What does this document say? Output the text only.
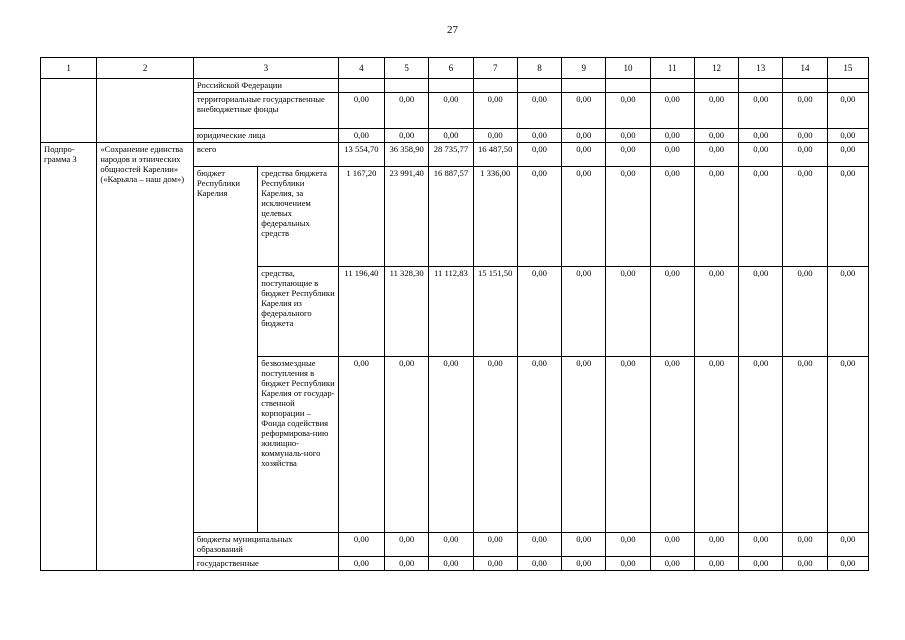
27
1	2	3		4	5	6	7	8	9	10	11	12	13	14	15
		Российской Федерации													
		территориальные государственные внебюджетные фонды		0,00	0,00	0,00	0,00	0,00	0,00	0,00	0,00	0,00	0,00	0,00	0,00
		юридические лица		0,00	0,00	0,00	0,00	0,00	0,00	0,00	0,00	0,00	0,00	0,00	0,00
Подпро-грамма 3	«Сохранение единства народов и этнических общностей Карелии» («Карьяла – наш дом»)	всего		13 554,70	36 358,90	28 735,77	16 487,50	0,00	0,00	0,00	0,00	0,00	0,00	0,00	0,00
		бюджет Республики Карелия	средства бюджета Республики Карелия, за исключением целевых федеральных средств	1 167,20	23 991,40	16 887,57	1 336,00	0,00	0,00	0,00	0,00	0,00	0,00	0,00	0,00
			средства, поступающие в бюджет Республики Карелия из федерального бюджета	11 196,40	11 328,30	11 112,83	15 151,50	0,00	0,00	0,00	0,00	0,00	0,00	0,00	0,00
			безвозмездные поступления в бюджет Республики Карелия от государ-ственной корпорации – Фонда содействия реформирова-нию жилищно-коммуналь-ного хозяйства	0,00	0,00	0,00	0,00	0,00	0,00	0,00	0,00	0,00	0,00	0,00	0,00
		бюджеты муниципальных образований		0,00	0,00	0,00	0,00	0,00	0,00	0,00	0,00	0,00	0,00	0,00	0,00
		государственные		0,00	0,00	0,00	0,00	0,00	0,00	0,00	0,00	0,00	0,00	0,00	0,00
